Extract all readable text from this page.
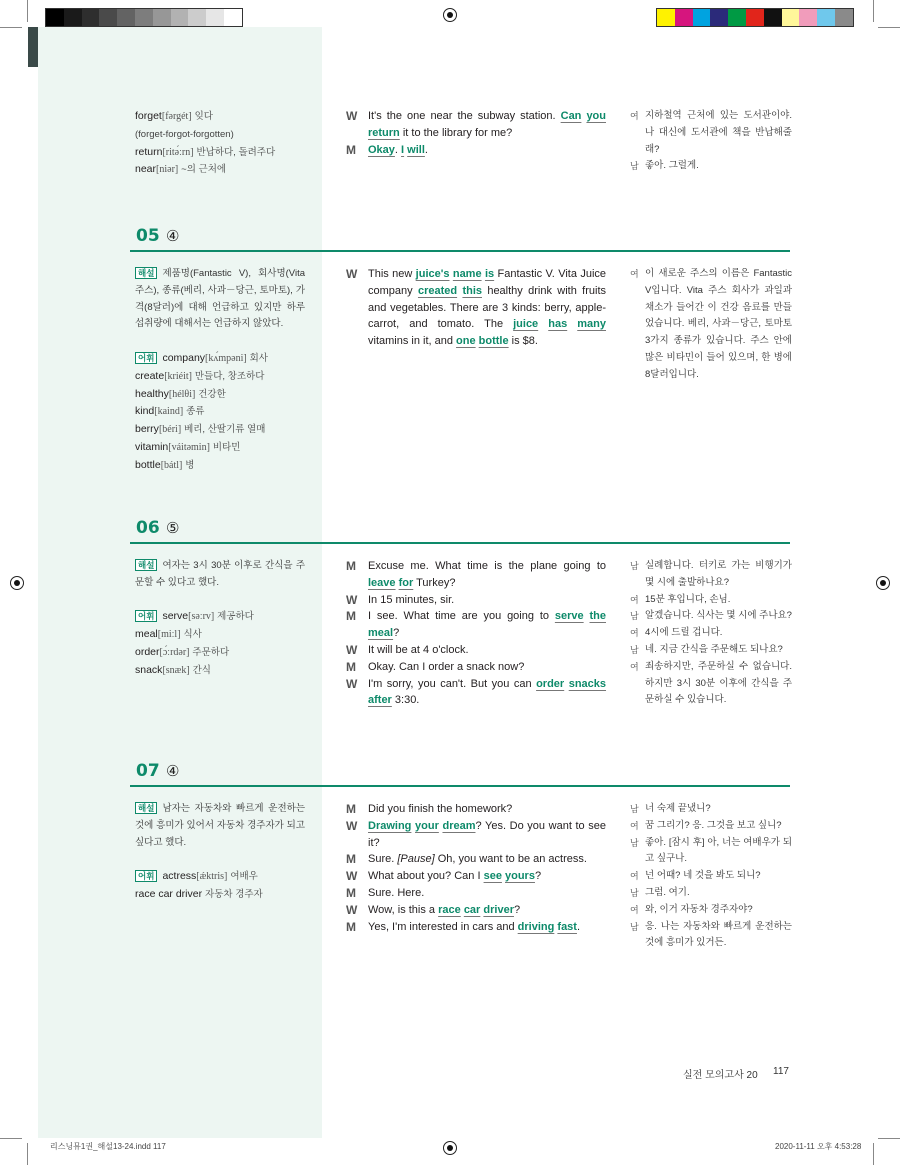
리스닝뮤1권_해설13-24.indd 117	2020-11-11 오후 4:53:28
forget[fərgét] 잊다
(forget-forgot-forgotten)
return[ritə́ːrn] 반납하다, 돌려주다
near[niər] ~의 근처에
W It's the one near the subway station. Can you return it to the library for me?
M	Okay. I will.
여 지하철역 근처에 있는 도서관이야. 나 대신에 도서관에 책을 반납해줄래?
남 좋아. 그럴게.
05 ④
해설 제품명(Fantastic V), 회사명(Vita 주스), 종류(베리, 사과－당근, 토마토), 가격(8달러)에 대해 언급하고 있지만 하루 섭취량에 대해서는 언급하지 않았다.

어휘 company[kʌ́mpəni] 회사
create[kriéit] 만들다, 창조하다
healthy[hélθi] 건강한
kind[kaind] 종류
berry[béri] 베리, 산딸기류 열매
vitamin[váitəmin] 비타민
bottle[bátl] 병
W This new juice's name is Fantastic V. Vita Juice company created this healthy drink with fruits and vegetables. There are 3 kinds: berry, apple-carrot, and tomato. The juice has many vitamins in it, and one bottle is $8.
여 이 새로운 주스의 이름은 Fantastic V입니다. Vita 주스 회사가 과일과 채소가 들어간 이 건강 음료를 만들었습니다. 베리, 사과－당근, 토마토 3가지 종류가 있습니다. 주스 안에 많은 비타민이 들어 있으며, 한 병에 8달러입니다.
06 ⑤
해설 여자는 3시 30분 이후로 간식을 주문할 수 있다고 했다.

어휘 serve[səːrv] 제공하다
meal[miːl] 식사
order[ɔ́ːrdər] 주문하다
snack[snæk] 간식
M	Excuse me. What time is the plane going to leave for Turkey?
W In 15 minutes, sir.
M	I see. What time are you going to serve the meal?
W It will be at 4 o'clock.
M	Okay. Can I order a snack now?
W I'm sorry, you can't. But you can order snacks after 3:30.
남 실례합니다. 터키로 가는 비행기가 몇 시에 출발하나요?
여 15분 후입니다, 손님.
남 알겠습니다. 식사는 몇 시에 주나요?
여 4시에 드릴 겁니다.
남 네. 지금 간식을 주문해도 되나요?
여 죄송하지만, 주문하실 수 없습니다. 하지만 3시 30분 이후에 간식을 주문하실 수 있습니다.
07 ④
해설 남자는 자동차와 빠르게 운전하는 것에 흥미가 있어서 자동차 경주자가 되고 싶다고 했다.

어휘 actress[ǽktris] 여배우
race car driver 자동차 경주자
M	Did you finish the homework?
W Drawing your dream? Yes. Do you want to see it?
M	Sure. [Pause] Oh, you want to be an actress.
W What about you? Can I see yours?
M	Sure. Here.
W Wow, is this a race car driver?
M	Yes, I'm interested in cars and driving fast.
남 너 숙제 끝냈니?
여 꿈 그리기? 응. 그것을 보고 싶니?
남 좋아. [잠시 후] 아, 너는 여배우가 되고 싶구나.
여 넌 어때? 네 것을 봐도 되니?
남 그럼. 여기.
여 와, 이거 자동차 경주자야?
남 응. 나는 자동차와 빠르게 운전하는 것에 흥미가 있거든.
실전 모의고사 20 117
